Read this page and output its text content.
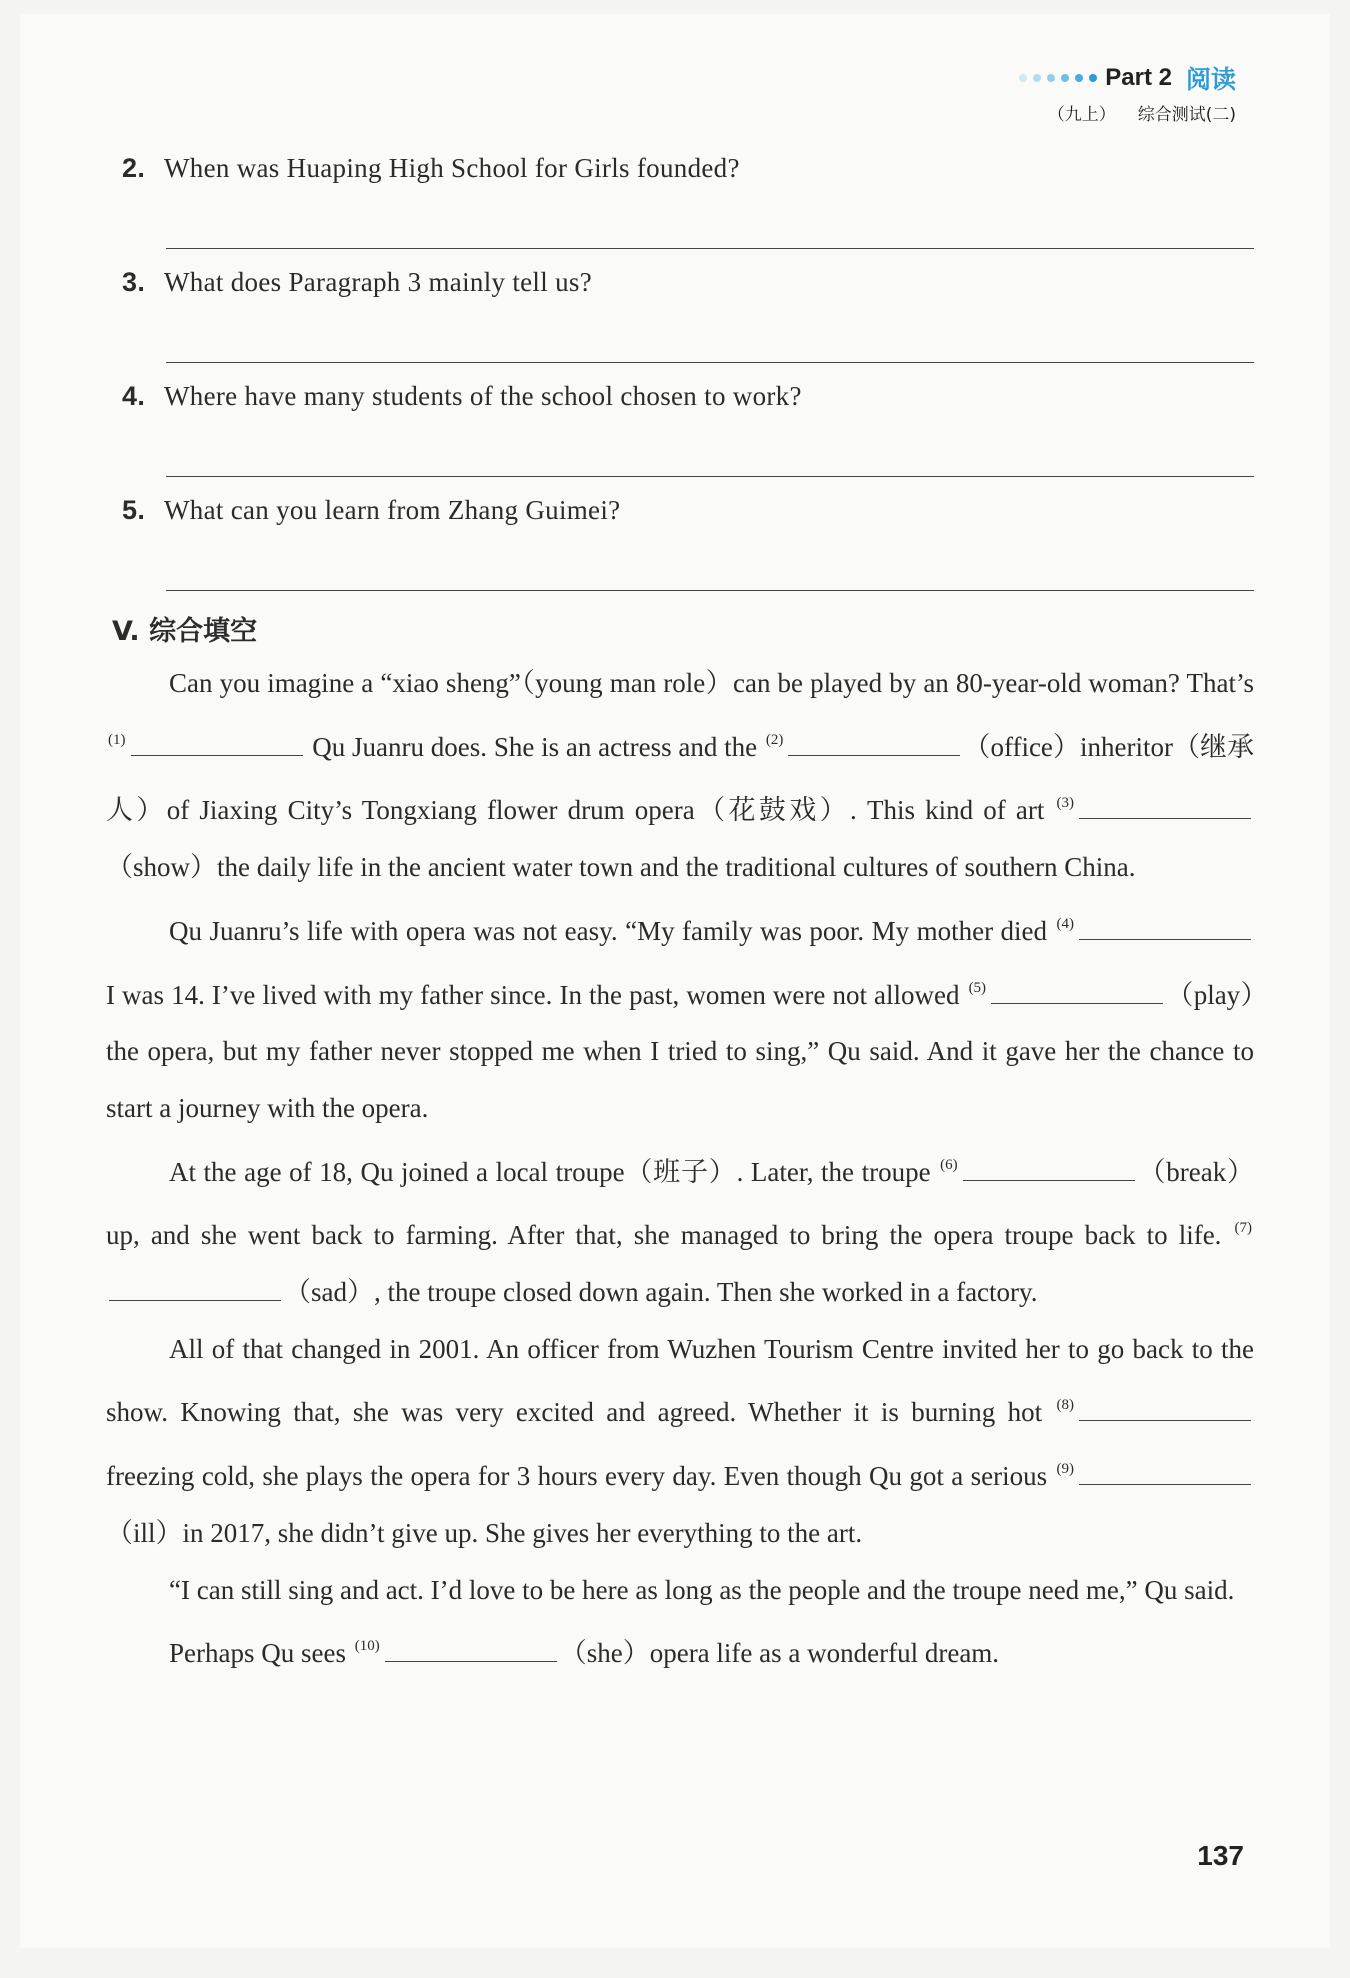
Part 2 阅读
（九上） 综合测试(二)
2. When was Huaping High School for Girls founded?
3. What does Paragraph 3 mainly tell us?
4. Where have many students of the school chosen to work?
5. What can you learn from Zhang Guimei?
V. 综合填空

Can you imagine a “xiao sheng”（young man role）can be played by an 80-year-old woman? That’s $^{(1)}$	Qu Juanru does. She is an actress and the $^{(2)}$	（office）inheritor（继承人）of Jiaxing City’s Tongxiang flower drum opera（花鼓戏）. This kind of art $^{(3)}$（show）the daily life in the ancient water town and the traditional cultures of southern China.

Qu Juanru’s life with opera was not easy. “My family was poor. My mother died $^{(4)}$ I was 14. I’ve lived with my father since. In the past, women were not allowed $^{(5)}$	（play）the opera, but my father never stopped me when I tried to sing,” Qu said. And it gave her the chance to start a journey with the opera.

At the age of 18, Qu joined a local troupe（班子）. Later, the troupe $^{(6)}$	（break）up, and she went back to farming. After that, she managed to bring the opera troupe back to life. $^{(7)}$（sad）, the troupe closed down again. Then she worked in a factory.

All of that changed in 2001. An officer from Wuzhen Tourism Centre invited her to go back to the show. Knowing that, she was very excited and agreed. Whether it is burning hot $^{(8)}$ freezing cold, she plays the opera for 3 hours every day. Even though Qu got a serious $^{(9)}$（ill）in 2017, she didn’t give up. She gives her everything to the art.

“I can still sing and act. I’d love to be here as long as the people and the troupe need me,” Qu said.

Perhaps Qu sees $^{(10)}$	（she）opera life as a wonderful dream.

137
